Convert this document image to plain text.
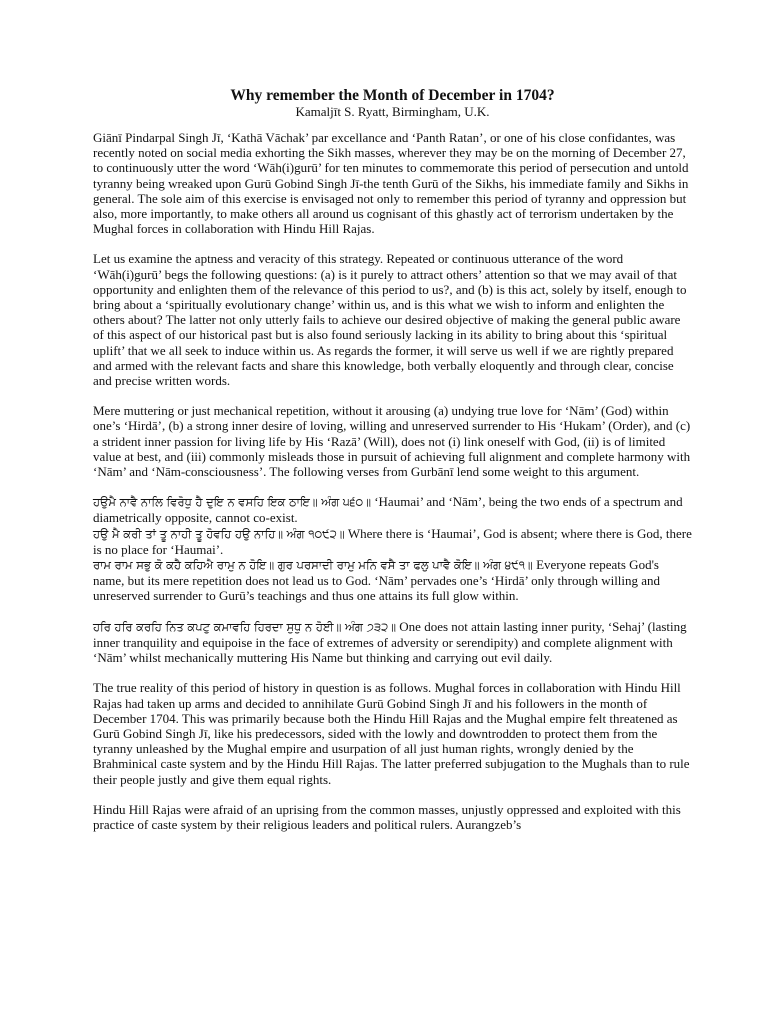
Why remember the Month of December in 1704?

Kamaljīt S. Ryatt, Birmingham, U.K.

Giānī Pindarpal Singh Jī, ‘Kathā Vāchak’ par excellance and ‘Panth Ratan’, or one of his close confidantes, was recently noted on social media exhorting the Sikh masses, wherever they may be on the morning of December 27, to continuously utter the word ‘Wāh(i)gurū’ for ten minutes to commemorate this period of persecution and untold tyranny being wreaked upon Gurū Gobind Singh Jī-the tenth Gurū of the Sikhs, his immediate family and Sikhs in general. The sole aim of this exercise is envisaged not only to remember this period of tyranny and oppression but also, more importantly, to make others all around us cognisant of this ghastly act of terrorism undertaken by the Mughal forces in collaboration with Hindu Hill Rajas.

Let us examine the aptness and veracity of this strategy. Repeated or continuous utterance of the word ‘Wāh(i)gurū’ begs the following questions: (a) is it purely to attract others’ attention so that we may avail of that opportunity and enlighten them of the relevance of this period to us?, and (b) is this act, solely by itself, enough to bring about a ‘spiritually evolutionary change’ within us, and is this what we wish to inform and enlighten the others about? The latter not only utterly fails to achieve our desired objective of making the general public aware of this aspect of our historical past but is also found seriously lacking in its ability to bring about this ‘spiritual uplift’ that we all seek to induce within us. As regards the former, it will serve us well if we are rightly prepared and armed with the relevant facts and share this knowledge, both verbally eloquently and through clear, concise and precise written words.

Mere muttering or just mechanical repetition, without it arousing (a) undying true love for ‘Nām’ (God) within one’s ‘Hirdā’, (b) a strong inner desire of loving, willing and unreserved surrender to His ‘Hukam’ (Order), and (c) a strident inner passion for living life by His ‘Razā’ (Will), does not (i) link oneself with God, (ii) is of limited value at best, and (iii) commonly misleads those in pursuit of achieving full alignment and complete harmony with ‘Nām’ and ‘Nām-consciousness’. The following verses from Gurbānī lend some weight to this argument.

ਹਉਮੈ ਨਾਵੈ ਨਾਲਿ ਵਿਰੋਧੁ ਹੈ ਦੁਇ ਨ ਵਸਹਿ ਇਕ ਠਾਇ॥ ਅੰਗ ੫੬੦॥ ‘Haumai’ and ‘Nām’, being the two ends of a spectrum and diametrically opposite, cannot co-exist.

ਹਉ ਮੈ ਕਰੀ ਤਾਂ ਤੂ ਨਾਹੀ ਤੂ ਹੋਵਹਿ ਹਉ ਨਾਹਿ॥ ਅੰਗ ੧੦੯੨॥ Where there is ‘Haumai’, God is absent; where there is God, there is no place for ‘Haumai’.

ਰਾਮ ਰਾਮ ਸਭੁ ਕੋ ਕਹੈ ਕਹਿਐ ਰਾਮੁ ਨ ਹੋਇ॥ ਗੁਰ ਪਰਸਾਦੀ ਰਾਮੁ ਮਨਿ ਵਸੈ ਤਾ ਫਲੁ ਪਾਵੈ ਕੋਇ॥ ਅੰਗ ੪੯੧॥ Everyone repeats God's name, but its mere repetition does not lead us to God. ‘Nām’ pervades one’s ‘Hirdā’ only through willing and unreserved surrender to Gurū’s teachings and thus one attains its full glow within.

ਹਰਿ ਹਰਿ ਕਰਹਿ ਨਿਤ ਕਪਟੁ ਕਮਾਵਹਿ ਹਿਰਦਾ ਸੁਧੁ ਨ ਹੋਈ॥ ਅੰਗ ੭੩੨॥ One does not attain lasting inner purity, ‘Sehaj’ (lasting inner tranquility and equipoise in the face of extremes of adversity or serendipity) and complete alignment with ‘Nām’ whilst mechanically muttering His Name but thinking and carrying out evil daily.

The true reality of this period of history in question is as follows. Mughal forces in collaboration with Hindu Hill Rajas had taken up arms and decided to annihilate Gurū Gobind Singh Jī and his followers in the month of December 1704. This was primarily because both the Hindu Hill Rajas and the Mughal empire felt threatened as Gurū Gobind Singh Jī, like his predecessors, sided with the lowly and downtrodden to protect them from the tyranny unleashed by the Mughal empire and usurpation of all just human rights, wrongly denied by the Brahminical caste system and by the Hindu Hill Rajas. The latter preferred subjugation to the Mughals than to rule their people justly and give them equal rights.

Hindu Hill Rajas were afraid of an uprising from the common masses, unjustly oppressed and exploited with this practice of caste system by their religious leaders and political rulers. Aurangzeb’s
